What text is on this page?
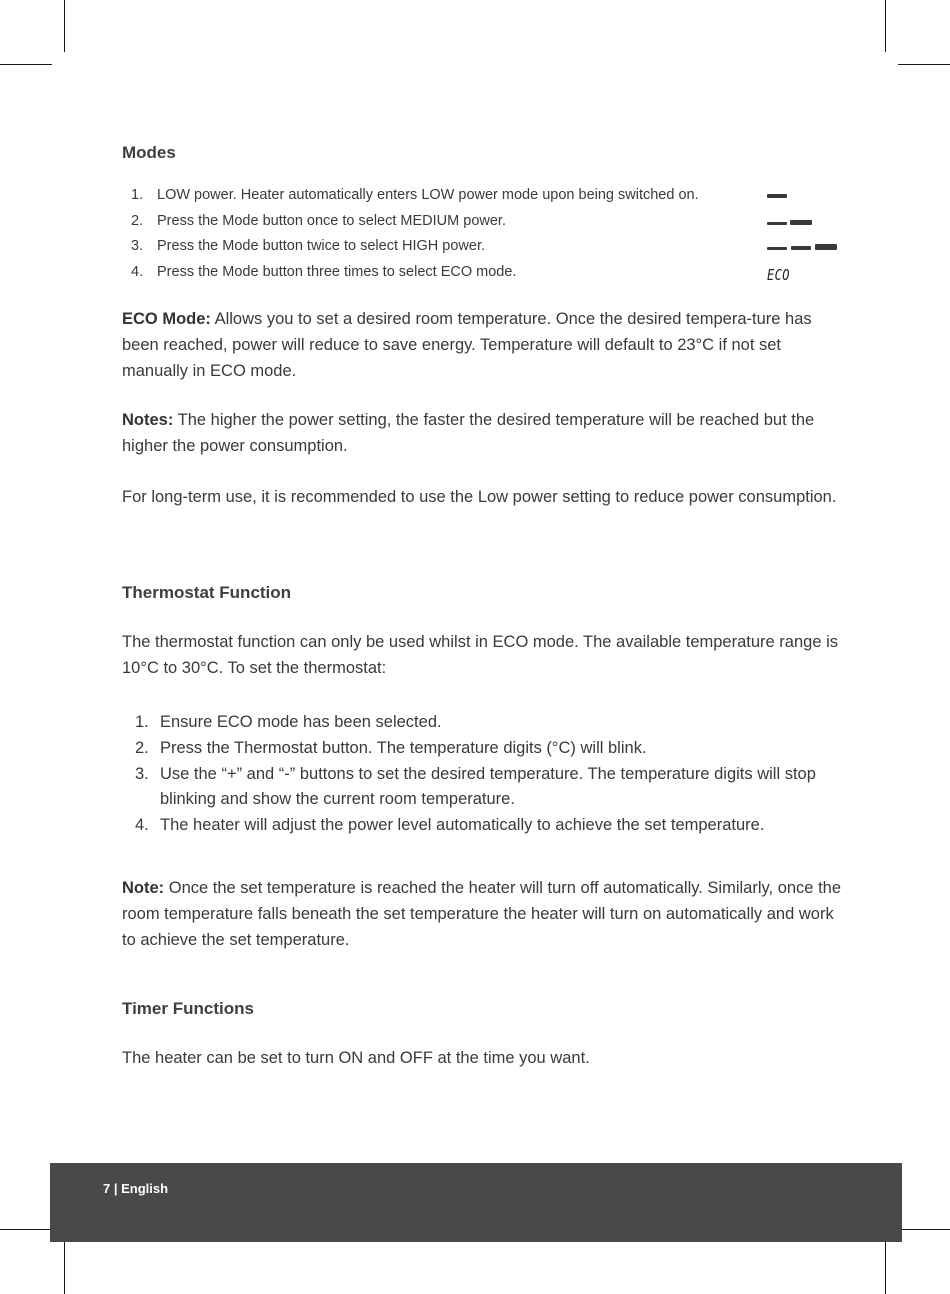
Modes
1. LOW power. Heater automatically enters LOW power mode upon being switched on.
2. Press the Mode button once to select MEDIUM power.
3. Press the Mode button twice to select HIGH power.
4. Press the Mode button three times to select ECO mode.	ECO

ECO Mode: Allows you to set a desired room temperature. Once the desired tempera-ture has been reached, power will reduce to save energy. Temperature will default to 23°C if not set manually in ECO mode.

Notes: The higher the power setting, the faster the desired temperature will be reached but the higher the power consumption.

For long-term use, it is recommended to use the Low power setting to reduce power consumption.

Thermostat Function

The thermostat function can only be used whilst in ECO mode. The available temperature range is 10°C to 30°C. To set the thermostat:

1. Ensure ECO mode has been selected.
2. Press the Thermostat button. The temperature digits (°C) will blink.
3. Use the “+” and “-” buttons to set the desired temperature. The temperature digits will stop blinking and show the current room temperature.
4. The heater will adjust the power level automatically to achieve the set temperature.

Note: Once the set temperature is reached the heater will turn off automatically. Similarly, once the room temperature falls beneath the set temperature the heater will turn on automatically and work to achieve the set temperature.

Timer Functions

The heater can be set to turn ON and OFF at the time you want.

7 | English
